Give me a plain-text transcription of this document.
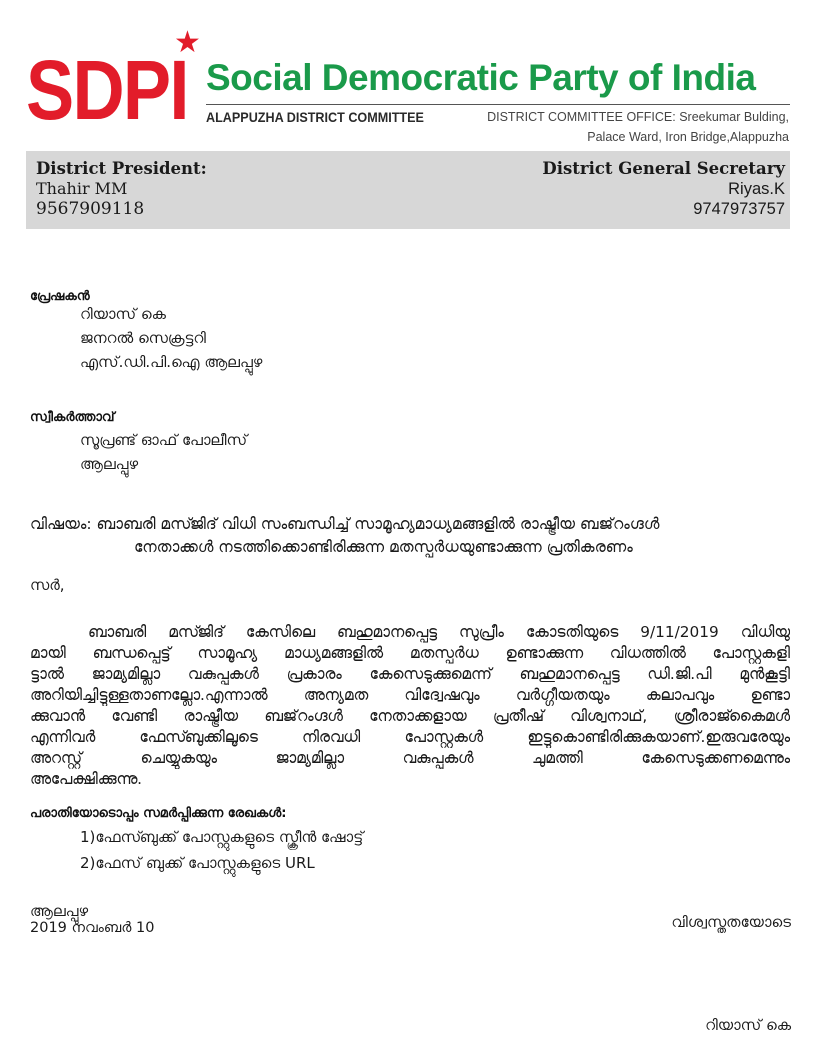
SDPI
★
Social Democratic Party of India
ALAPPUZHA DISTRICT COMMITTEE	DISTRICT COMMITTEE OFFICE: Sreekumar Bulding,
Palace Ward, Iron Bridge,Alappuzha
District President:
Thahir MM
9567909118
District General Secretary
Riyas.K
9747973757
പ്രേഷകൻ
റിയാസ് കെ
ജനറൽ സെക്രട്ടറി
എസ്.ഡി.പി.ഐ ആലപ്പുഴ
സ്വീകർത്താവ്
സൂപ്രണ്ട് ഓഫ് പോലീസ്
ആലപ്പുഴ
വിഷയം: ബാബരി മസ്ജിദ് വിധി സംബന്ധിച്ച് സാമൂഹ്യമാധ്യമങ്ങളിൽ രാഷ്ട്രീയ ബജ്‌റംഗ്ദൾ
നേതാക്കൾ നടത്തിക്കൊണ്ടിരിക്കുന്ന മതസ്പർധയുണ്ടാക്കുന്ന പ്രതികരണം
സർ,
ബാബരി മസ്ജിദ് കേസിലെ ബഹുമാനപ്പെട്ട സുപ്രീം കോടതിയുടെ 9/11/2019 വിധിയു
മായി ബന്ധപ്പെട്ട് സാമൂഹ്യ മാധ്യമങ്ങളിൽ മതസ്പർധ ഉണ്ടാക്കുന്ന വിധത്തിൽ പോസ്റ്റുകളി
ട്ടാൽ ജാമ്യമില്ലാ വകുപ്പുകൾ പ്രകാരം കേസെടുക്കുമെന്ന് ബഹുമാനപ്പെട്ട ഡി.ജി.പി മുൻകൂട്ടി
അറിയിച്ചിട്ടുള്ളതാണല്ലോ.എന്നാൽ അന്യമത വിദ്വേഷവും വർഗ്ഗീയതയും കലാപവും ഉണ്ടാ
ക്കുവാൻ വേണ്ടി രാഷ്ട്രീയ ബജ്‌റംഗ്ദൾ നേതാക്കളായ പ്രതീഷ് വിശ്വനാഥ്, ശ്രീരാജ്കൈമൾ
എന്നിവർ ഫേസ്ബുക്കിലൂടെ നിരവധി പോസ്റ്റുകൾ ഇട്ടുകൊണ്ടിരിക്കുകയാണ്.ഇരുവരേയും
അറസ്റ്റ് ചെയ്യുകയും ജാമ്യമില്ലാ വകുപ്പുകൾ ചുമത്തി കേസെടുക്കണമെന്നും
അപേക്ഷിക്കുന്നു.
പരാതിയോടൊപ്പം സമർപ്പിക്കുന്ന രേഖകൾ:
1)ഫേസ്ബുക്ക് പോസ്റ്റുകളുടെ സ്ക്രീൻ ഷോട്ട്
2)ഫേസ് ബുക്ക് പോസ്റ്റുകളുടെ URL
ആലപ്പുഴ
2019 നവംബർ 10	വിശ്വസ്തതയോടെ
റിയാസ് കെ
